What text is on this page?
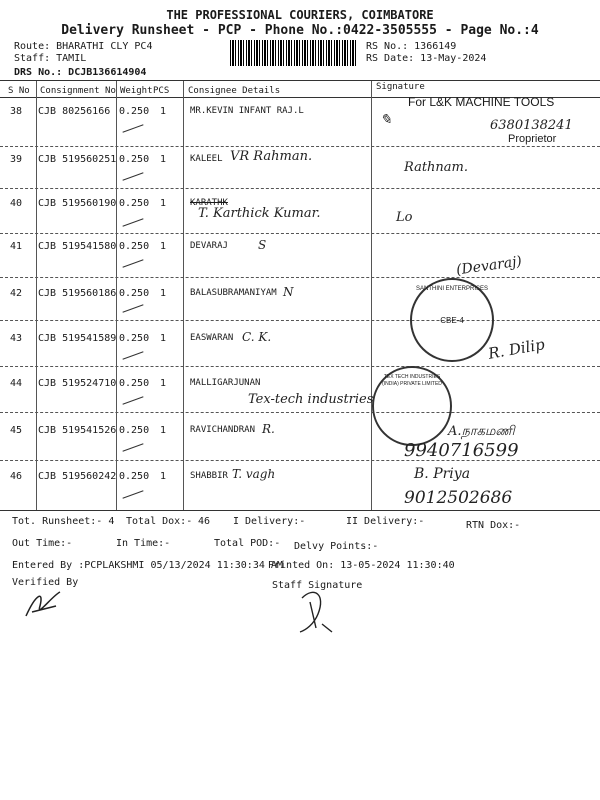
THE PROFESSIONAL COURIERS, COIMBATORE
Delivery Runsheet - PCP - Phone No.:0422-3505555 - Page No.:4
Route: BHARATHI CLY PC4
Staff: TAMIL
DRS No.: DCJB136614904
RS No.: 1366149
RS Date: 13-May-2024
S No Consignment No Weight PCS Consignee Details	Signature
38 CJB 80256166 0.250 1	MR.KEVIN INFANT RAJ.L
For L&K MACHINE TOOLS
✎	6380138241
Proprietor
39 CJB 519560251 0.250 1	KALEEL VR Rahman.
Rathnam.
40 CJB 519560190 0.250 1	KARATHK
T. Karthick Kumar.	Lo
41 CJB 519541580 0.250 1	DEVARAJ	S
(Devaraj)
42 CJB 519560186 0.250 1	BALASUBRAMANIYAM N	SANTHINI ENTERPRISES
CBE-4
43 CJB 519541589 0.250 1	EASWARAN C. K.	R. Dilip
44 CJB 519524710 0.250 1	MALLIGARJUNAN
Tex-tech industries
TEX TECH INDUSTRIES (INDIA) PRIVATE LIMITED
45 CJB 519541526 0.250 1	RAVICHANDRAN R.	A.நாகமணி
9940716599
46 CJB 519560242 0.250 1	SHABBIR T. vagh	B. Priya
9012502686
Tot. Runsheet:- 4 Total Dox:- 46 I Delivery:-	II Delivery:-	RTN Dox:-
Out Time:-	In Time:-	Total POD:- Delvy Points:-
Entered By :PCPLAKSHMI 05/13/2024 11:30:34 AM
Printed On: 13-05-2024 11:30:40
Verified By	Staff Signature
